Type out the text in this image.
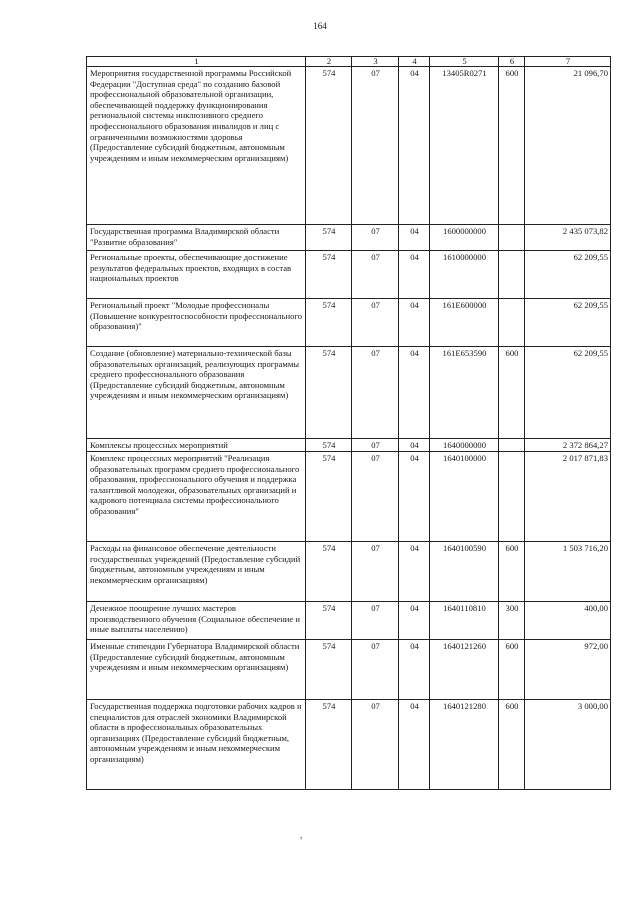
164
1	2	3	4	5	6	7
Мероприятия государственной программы Российской Федерации "Доступная среда" по созданию базовой профессиональной образовательной организации, обеспечивающей поддержку функционирования региональной системы инклюзивного среднего профессионального образования инвалидов и лиц с ограниченными возможностями здоровья (Предоставление субсидий бюджетным, автономным учреждениям и иным некоммерческим организациям)	574	07	04	13405R0271	600	21 096,70
Государственная программа Владимирской области "Развитие образования"	574	07	04	1600000000		2 435 073,82
Региональные проекты, обеспечивающие достижение результатов федеральных проектов, входящих в состав национальных проектов	574	07	04	1610000000		62 209,55
Региональный проект "Молодые профессионалы (Повышение конкурентоспособности профессионального образования)"	574	07	04	161E600000		62 209,55
Создание (обновление) материально-технической базы образовательных организаций, реализующих программы среднего профессионального образования (Предоставление субсидий бюджетным, автономным учреждениям и иным некоммерческим организациям)	574	07	04	161E653590	600	62 209,55
Комплексы процессных мероприятий	574	07	04	1640000000		2 372 864,27
Комплекс процессных мероприятий "Реализация образовательных программ среднего профессионального образования, профессионального обучения и поддержка талантливой молодежи, образовательных организаций и кадрового потенциала системы профессионального образования"	574	07	04	1640100000		2 017 871,83
Расходы на финансовое обеспечение деятельности государственных учреждений (Предоставление субсидий бюджетным, автономным учреждениям и иным некоммерческим организациям)	574	07	04	1640100590	600	1 503 716,20
Денежное поощрение лучших мастеров производственного обучения (Социальное обеспечение и иные выплаты населению)	574	07	04	1640110810	300	400,00
Именные стипендии Губернатора Владимирской области (Предоставление субсидий бюджетным, автономным учреждениям и иным некоммерческим организациям)	574	07	04	1640121260	600	972,00
Государственная поддержка подготовки рабочих кадров и специалистов для отраслей экономики Владимирской области в профессиональных образовательных организациях (Предоставление субсидий бюджетным, автономным учреждениям и иным некоммерческим организациям)	574	07	04	1640121280	600	3 000,00
,
